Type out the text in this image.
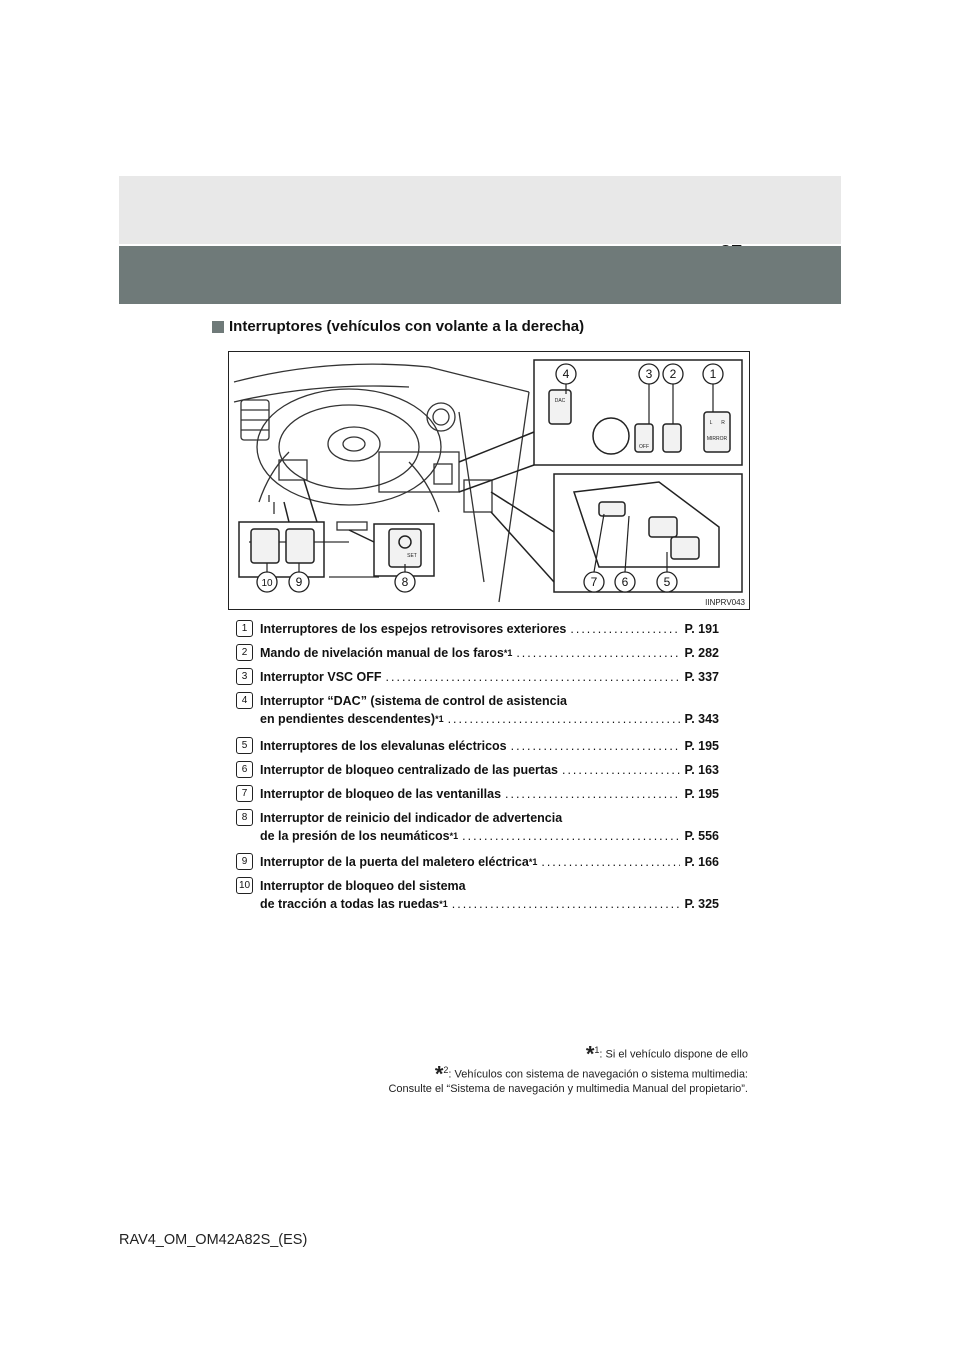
Interruptores (vehículos con volante a la derecha)
1
2
3
4
5
6
7
8
9
10
DAC
OFF
SET
MIRROR
L R
IINPRV043
1	Interruptores de los espejos retrovisores exteriores .....	P. 191
2	Mando de nivelación manual de los faros *1 .....	P. 282
3	Interruptor VSC OFF .....	P. 337
4	Interruptor “DAC” (sistema de control de asistencia
en pendientes descendentes) *1 .....	P. 343
5	Interruptores de los elevalunas eléctricos .....	P. 195
6	Interruptor de bloqueo centralizado de las puertas .....	P. 163
7	Interruptor de bloqueo de las ventanillas .....	P. 195
8	Interruptor de reinicio del indicador de advertencia
de la presión de los neumáticos *1 .....	P. 556
9	Interruptor de la puerta del maletero eléctrica *1 .....	P. 166
10 Interruptor de bloqueo del sistema
de tracción a todas las ruedas *1 .....	P. 325
*$^1$: Si el vehículo dispone de ello
*$^2$: Vehículos con sistema de navegación o sistema multimedia:
Consulte el “Sistema de navegación y multimedia Manual del propietario”.
RAV4_OM_OM42A82S_(ES)
